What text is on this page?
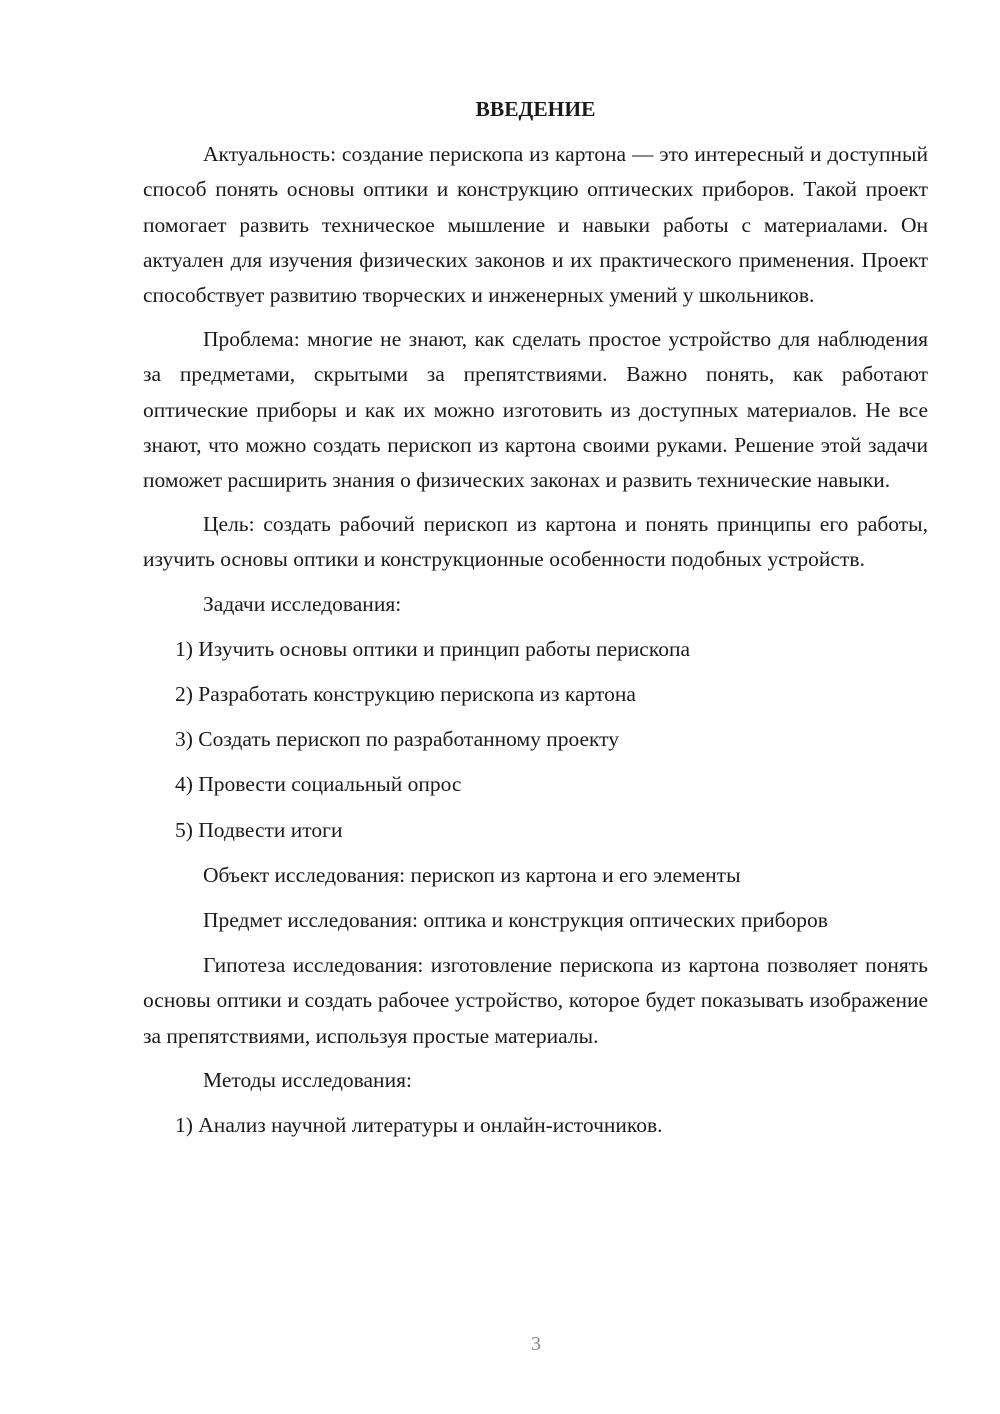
ВВЕДЕНИЕ
Актуальность: создание перископа из картона — это интересный и доступный способ понять основы оптики и конструкцию оптических приборов. Такой проект помогает развить техническое мышление и навыки работы с материалами. Он актуален для изучения физических законов и их практического применения. Проект способствует развитию творческих и инженерных умений у школьников.
Проблема: многие не знают, как сделать простое устройство для наблюдения за предметами, скрытыми за препятствиями. Важно понять, как работают оптические приборы и как их можно изготовить из доступных материалов. Не все знают, что можно создать перископ из картона своими руками. Решение этой задачи поможет расширить знания о физических законах и развить технические навыки.
Цель: создать рабочий перископ из картона и понять принципы его работы, изучить основы оптики и конструкционные особенности подобных устройств.
Задачи исследования:
1) Изучить основы оптики и принцип работы перископа
2) Разработать конструкцию перископа из картона
3) Создать перископ по разработанному проекту
4) Провести социальный опрос
5) Подвести итоги
Объект исследования: перископ из картона и его элементы
Предмет исследования: оптика и конструкция оптических приборов
Гипотеза исследования: изготовление перископа из картона позволяет понять основы оптики и создать рабочее устройство, которое будет показывать изображение за препятствиями, используя простые материалы.
Методы исследования:
1) Анализ научной литературы и онлайн-источников.
3
